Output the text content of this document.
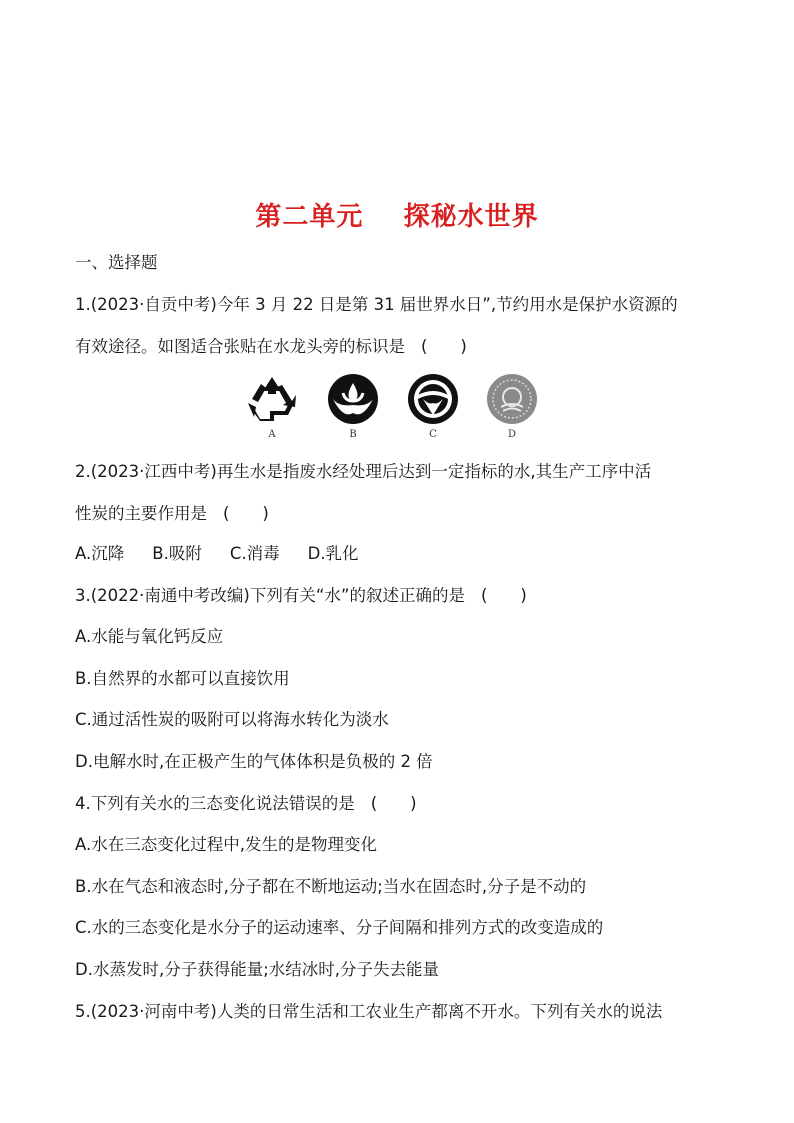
第二单元    探秘水世界
一、选择题
1.(2023·自贡中考)今年 3 月 22 日是第 31 届世界水日”,节约用水是保护水资源的
有效途径。如图适合张贴在水龙头旁的标识是 (　　)
A	B	C	D
2.(2023·江西中考)再生水是指废水经处理后达到一定指标的水,其生产工序中活
性炭的主要作用是 (　　)
A.沉降 B.吸附 C.消毒 D.乳化
3.(2022·南通中考改编)下列有关“水”的叙述正确的是 (　　)
A.水能与氧化钙反应
B.自然界的水都可以直接饮用
C.通过活性炭的吸附可以将海水转化为淡水
D.电解水时,在正极产生的气体体积是负极的 2 倍
4.下列有关水的三态变化说法错误的是 (　　)
A.水在三态变化过程中,发生的是物理变化
B.水在气态和液态时,分子都在不断地运动;当水在固态时,分子是不动的
C.水的三态变化是水分子的运动速率、分子间隔和排列方式的改变造成的
D.水蒸发时,分子获得能量;水结冰时,分子失去能量
5.(2023·河南中考)人类的日常生活和工农业生产都离不开水。下列有关水的说法
